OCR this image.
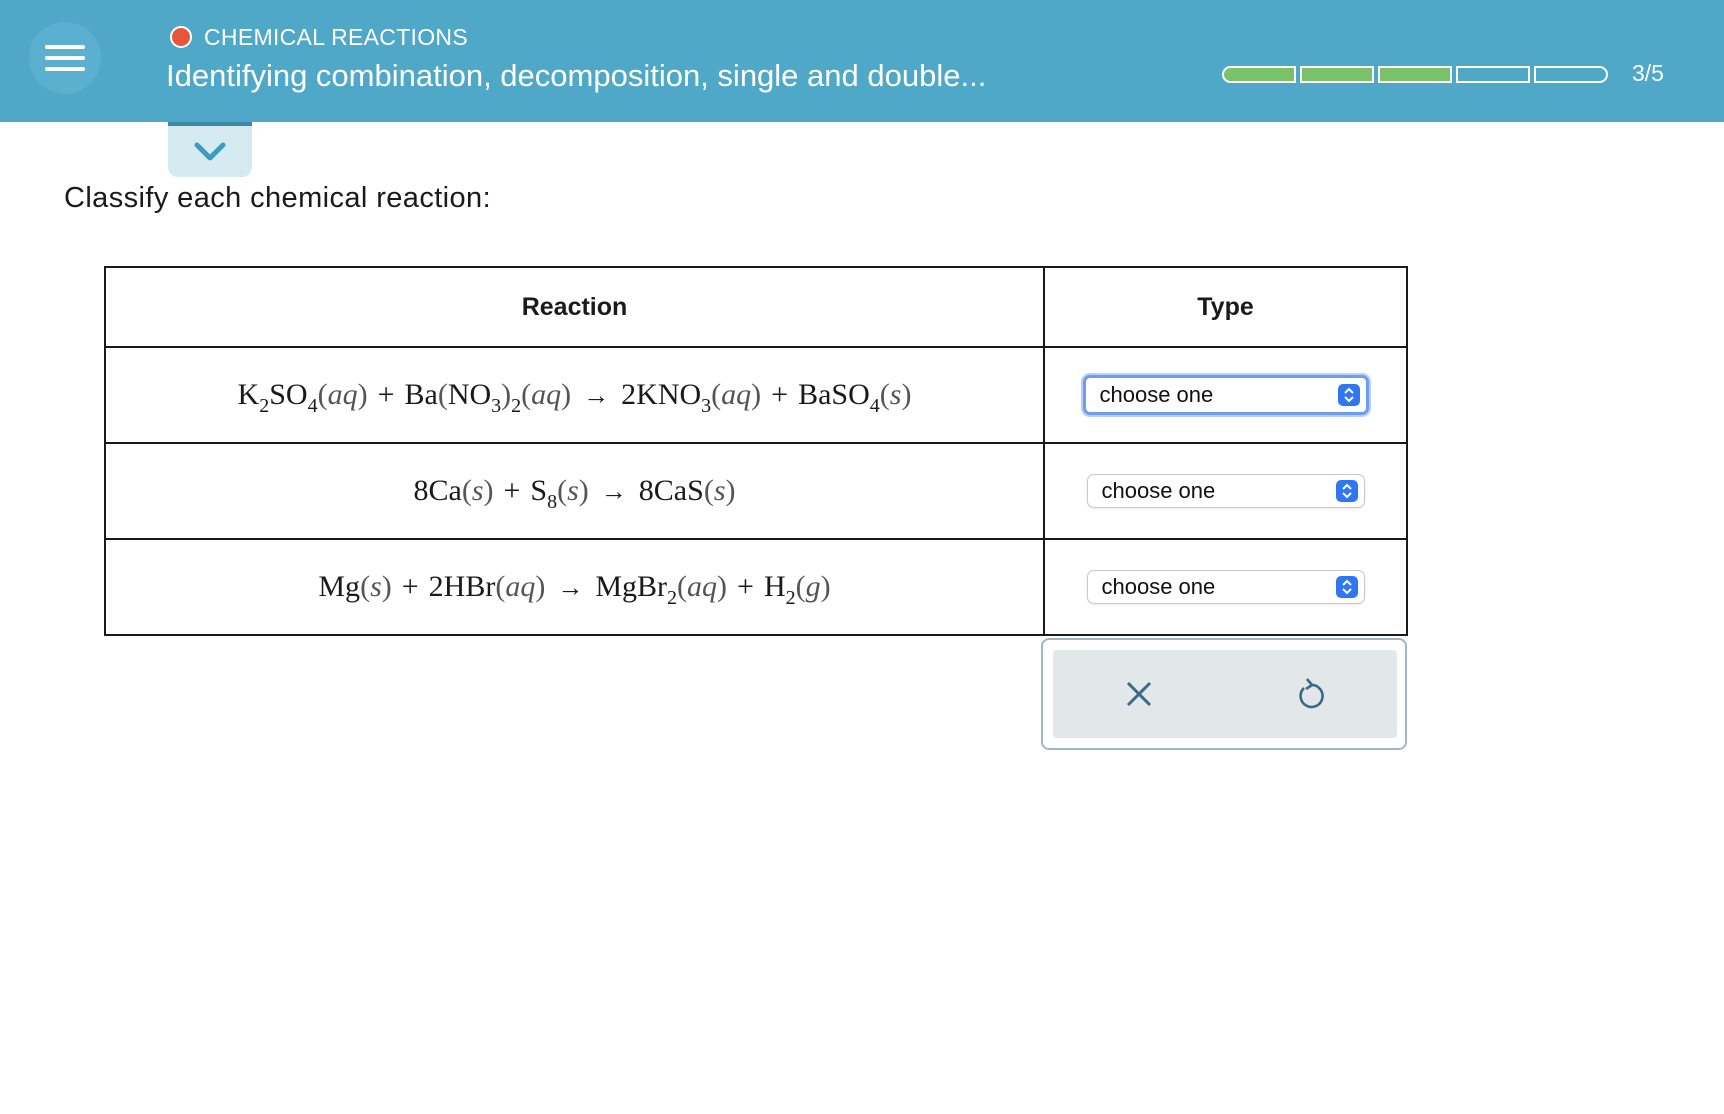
CHEMICAL REACTIONS
Identifying combination, decomposition, single and double...	3/5
Classify each chemical reaction:
Reaction	Type
$K_2SO_4(aq) + Ba(NO_3)_2(aq) \to 2KNO_3(aq)$ + BaSO$_4$(s)	choose one

$8Ca(s) + S_8(s) \to 8CaS(s)$	choose one

Mg(s) + 2HBr(aq) → MgBr$_2$(aq) + $H_2(g)$	choose one
